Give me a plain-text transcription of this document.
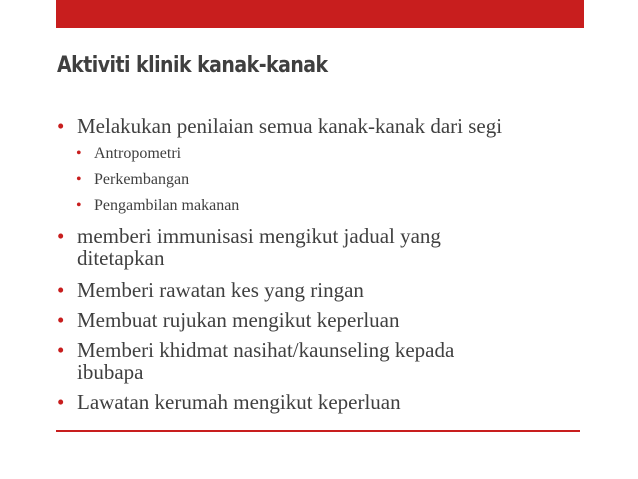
Aktiviti klinik kanak-kanak
• Melakukan penilaian semua kanak-kanak dari segi
• Antropometri
• Perkembangan
• Pengambilan makanan
• memberi immunisasi mengikut jadual yang
ditetapkan
• Memberi rawatan kes yang ringan
• Membuat rujukan mengikut keperluan
• Memberi khidmat nasihat/kaunseling kepada
ibubapa
• Lawatan kerumah mengikut keperluan
